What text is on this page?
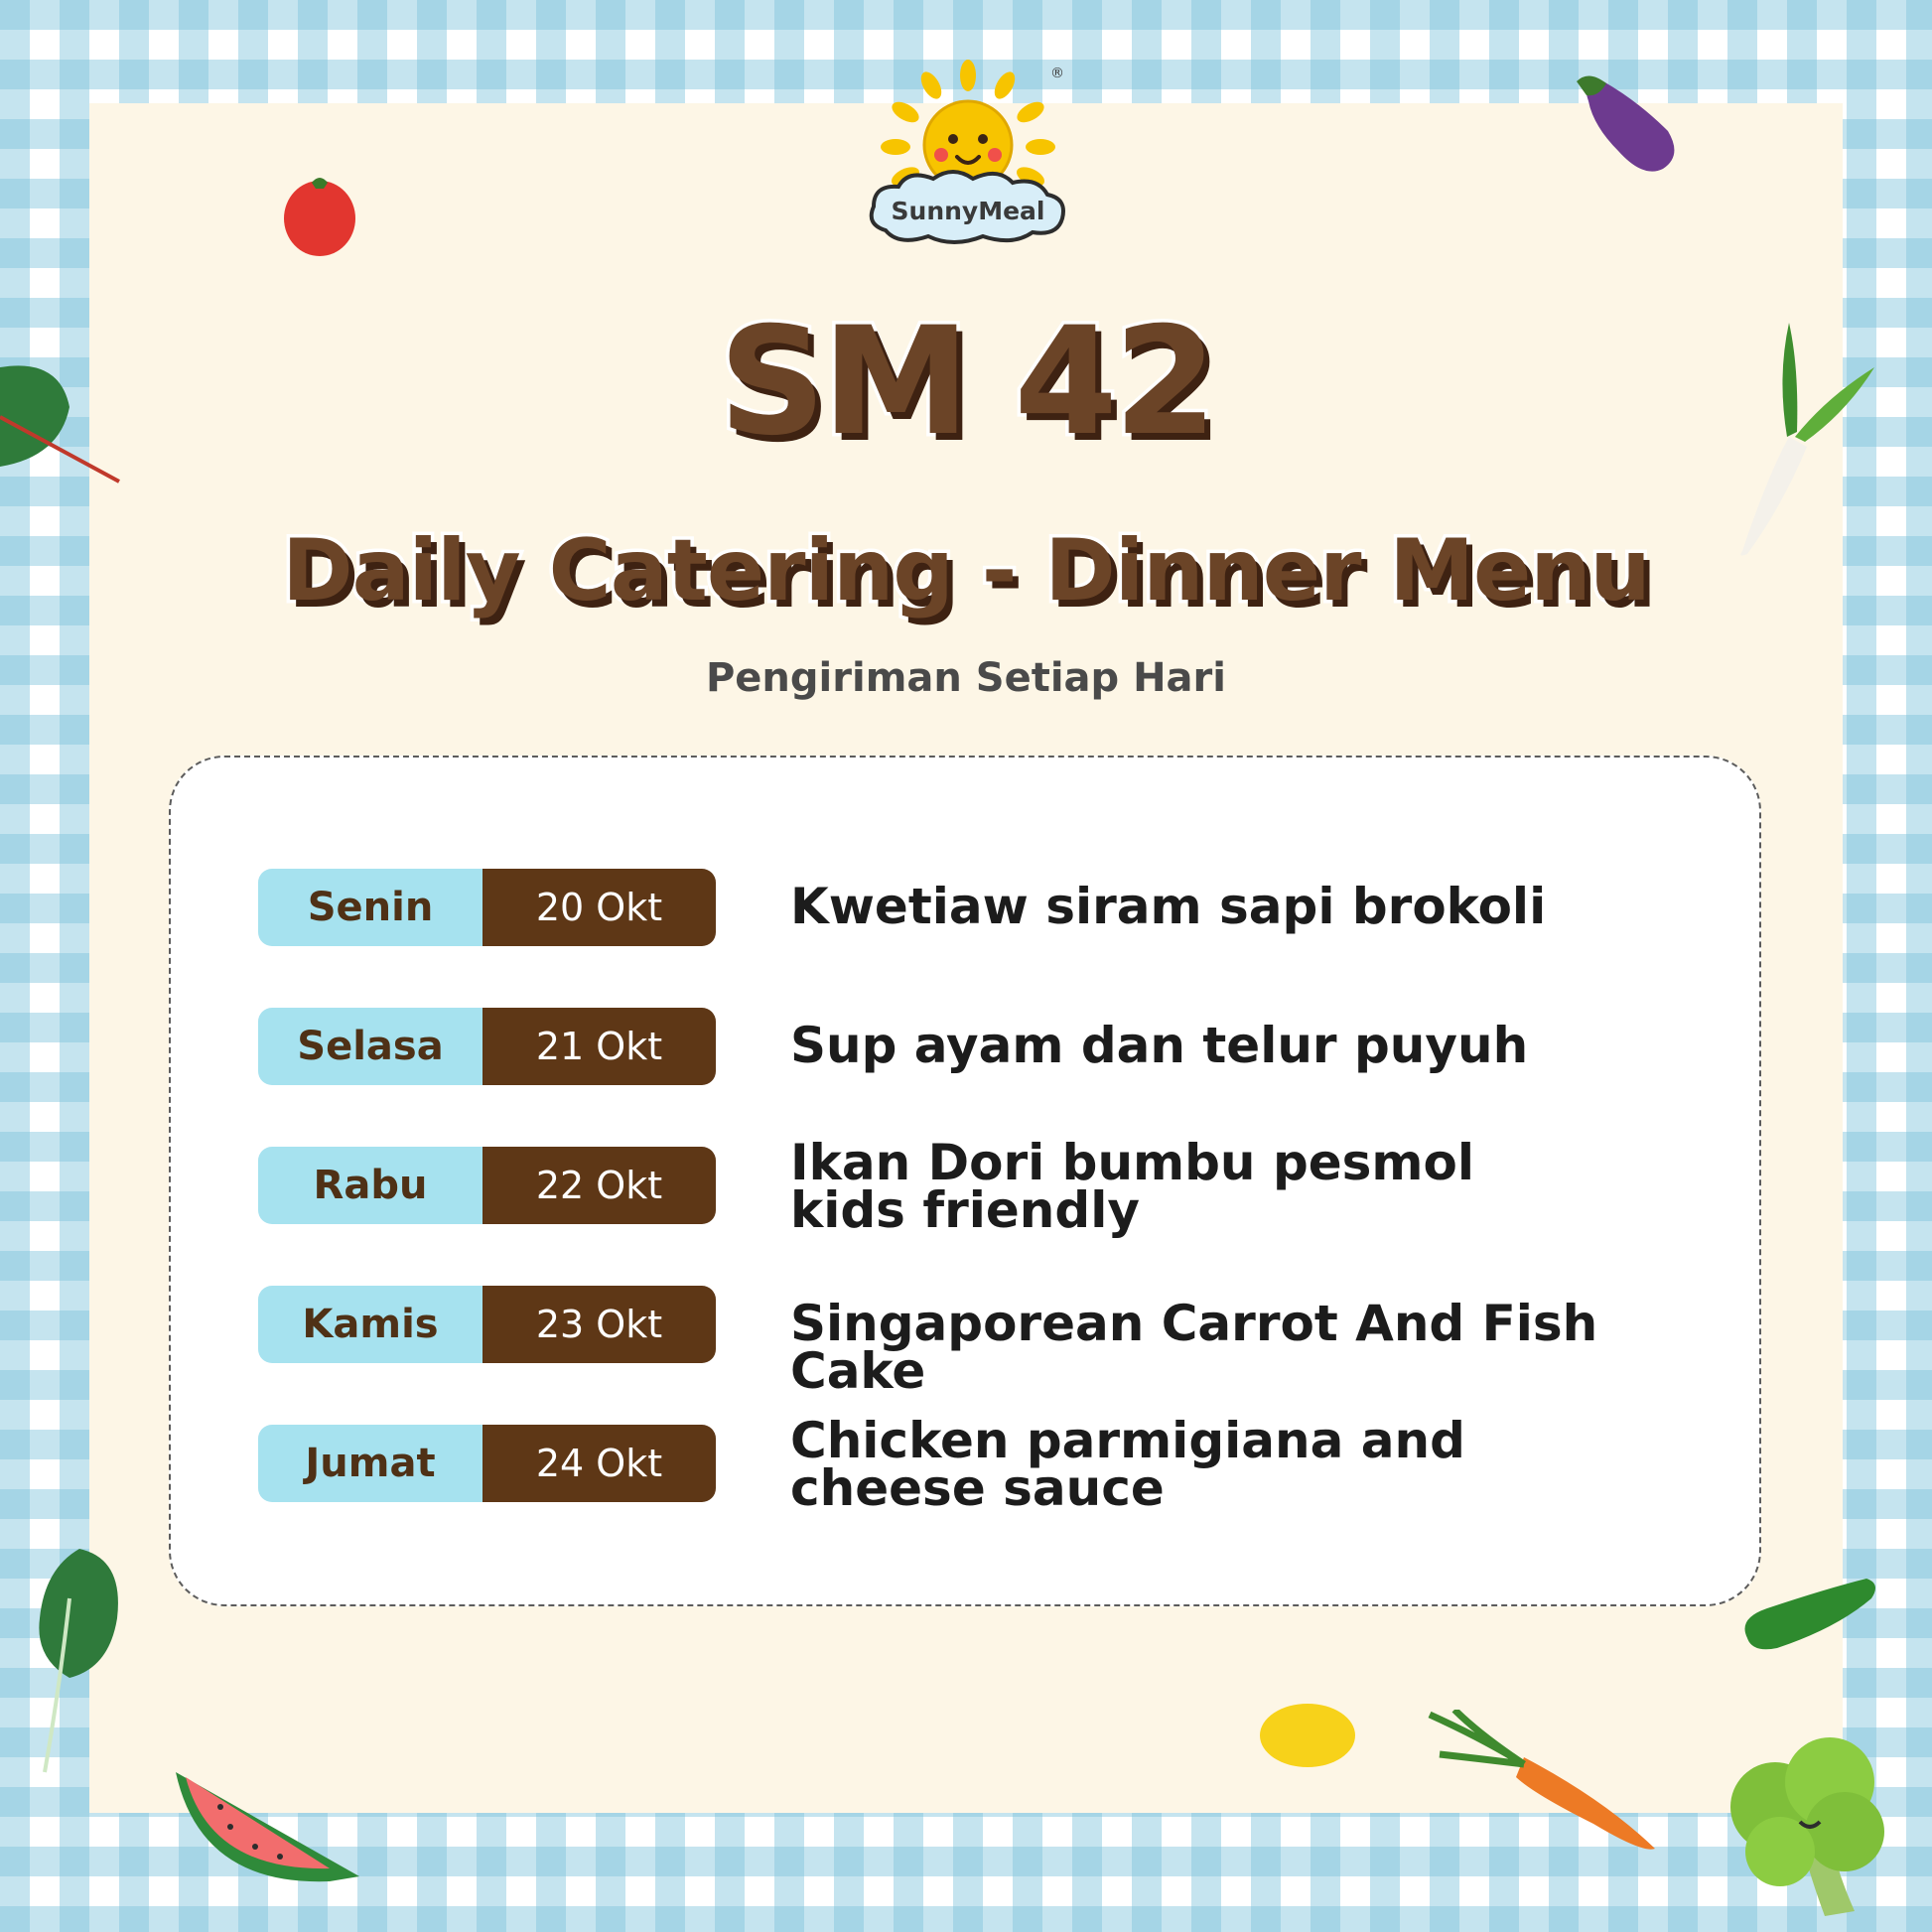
SunnyMeal
®
SM 42
Daily Catering - Dinner Menu
Pengiriman Setiap Hari
Senin	20 Okt	Kwetiaw siram sapi brokoli
Selasa	21 Okt	Sup ayam dan telur puyuh
Rabu	22 Okt	Ikan Dori bumbu pesmol kids friendly
Kamis	23 Okt	Singaporean Carrot And Fish Cake
Jumat	24 Okt	Chicken parmigiana and cheese sauce
